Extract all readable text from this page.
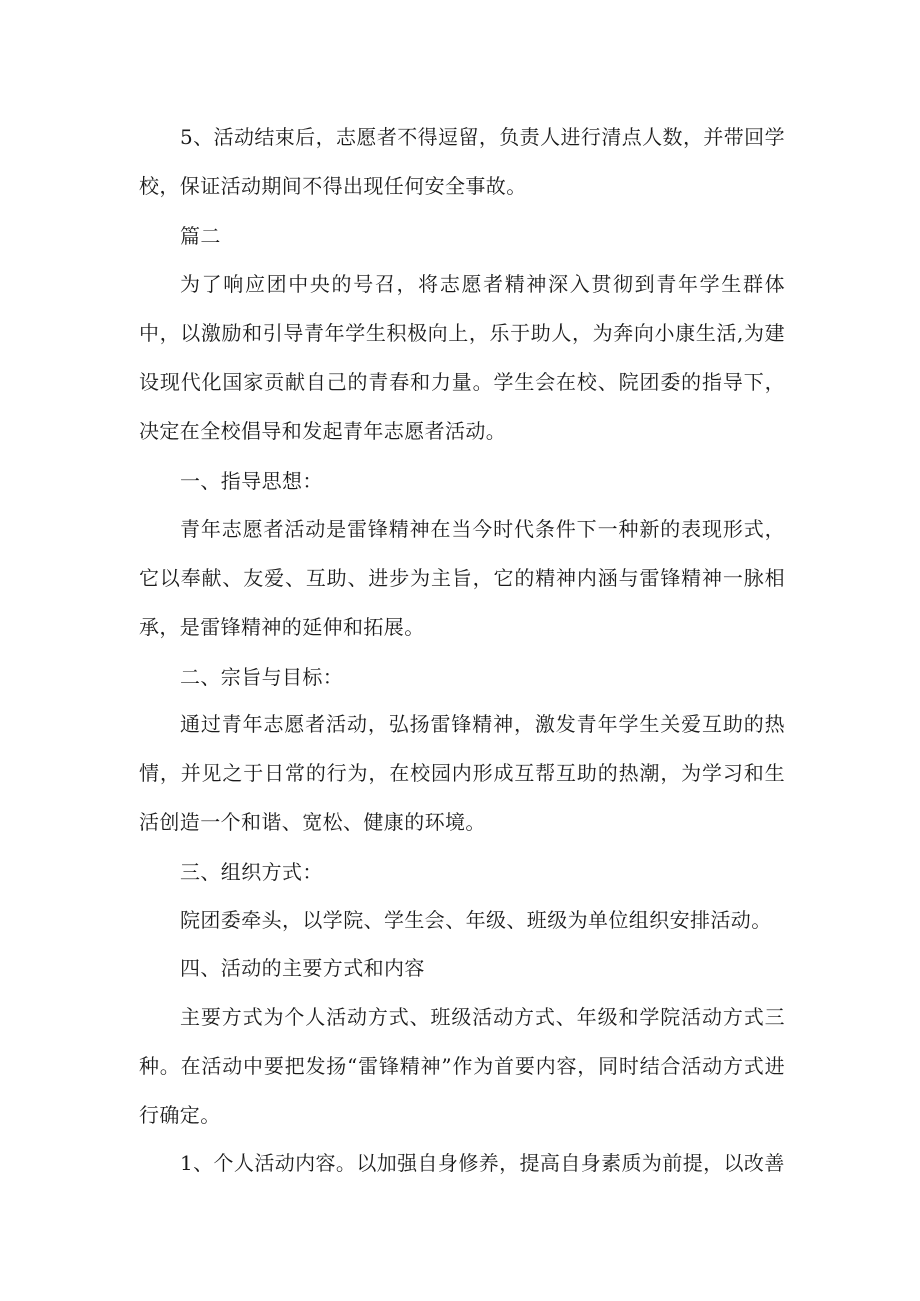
5、活动结束后，志愿者不得逗留，负责人进行清点人数，并带回学校，保证活动期间不得出现任何安全事故。

篇二

为了响应团中央的号召，将志愿者精神深入贯彻到青年学生群体中，以激励和引导青年学生积极向上，乐于助人，为奔向小康生活,为建设现代化国家贡献自己的青春和力量。学生会在校、院团委的指导下，决定在全校倡导和发起青年志愿者活动。

一、指导思想：

青年志愿者活动是雷锋精神在当今时代条件下一种新的表现形式，它以奉献、友爱、互助、进步为主旨，它的精神内涵与雷锋精神一脉相承，是雷锋精神的延伸和拓展。

二、宗旨与目标：

通过青年志愿者活动，弘扬雷锋精神，激发青年学生关爱互助的热情，并见之于日常的行为，在校园内形成互帮互助的热潮，为学习和生活创造一个和谐、宽松、健康的环境。

三、组织方式：

院团委牵头，以学院、学生会、年级、班级为单位组织安排活动。

四、活动的主要方式和内容

主要方式为个人活动方式、班级活动方式、年级和学院活动方式三种。在活动中要把发扬“雷锋精神”作为首要内容，同时结合活动方式进行确定。

1、个人活动内容。以加强自身修养，提高自身素质为前提，以改善
